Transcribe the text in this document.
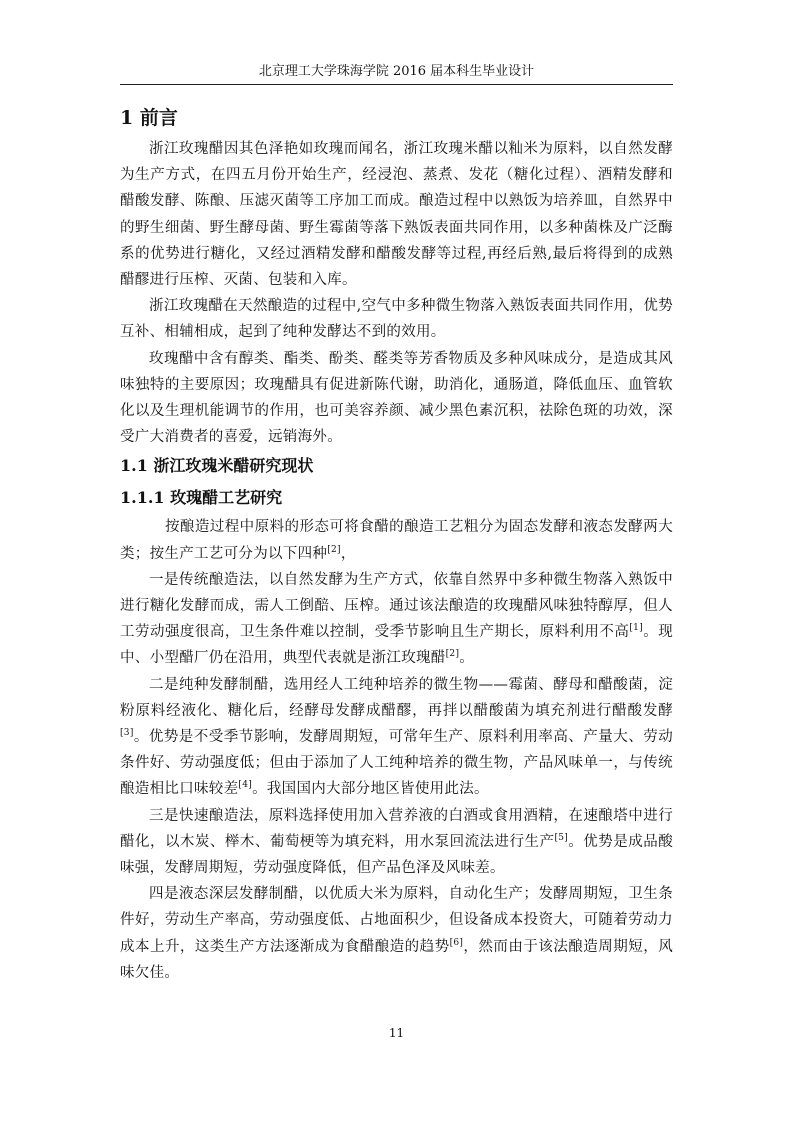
北京理工大学珠海学院 2016 届本科生毕业设计
1 前言

浙江玫瑰醋因其色泽艳如玫瑰而闻名，浙江玫瑰米醋以籼米为原料，以自然发酵为生产方式，在四五月份开始生产，经浸泡、蒸煮、发花（糖化过程）、酒精发酵和醋酸发酵、陈酿、压滤灭菌等工序加工而成。酿造过程中以熟饭为培养皿，自然界中的野生细菌、野生酵母菌、野生霉菌等落下熟饭表面共同作用，以多种菌株及广泛酶系的优势进行糖化，又经过酒精发酵和醋酸发酵等过程,再经后熟,最后将得到的成熟醋醪进行压榨、灭菌、包装和入库。

浙江玫瑰醋在天然酿造的过程中,空气中多种微生物落入熟饭表面共同作用，优势互补、相辅相成，起到了纯种发酵达不到的效用。

玫瑰醋中含有醇类、酯类、酚类、醛类等芳香物质及多种风味成分，是造成其风味独特的主要原因；玫瑰醋具有促进新陈代谢，助消化，通肠道，降低血压、血管软化以及生理机能调节的作用，也可美容养颜、减少黑色素沉积，祛除色斑的功效，深受广大消费者的喜爱，远销海外。

1.1 浙江玫瑰米醋研究现状
1.1.1 玫瑰醋工艺研究

按酿造过程中原料的形态可将食醋的酿造工艺粗分为固态发酵和液态发酵两大类；按生产工艺可分为以下四种[2]，

一是传统酿造法，以自然发酵为生产方式，依靠自然界中多种微生物落入熟饭中进行糖化发酵而成，需人工倒醅、压榨。通过该法酿造的玫瑰醋风味独特醇厚，但人工劳动强度很高，卫生条件难以控制，受季节影响且生产期长，原料利用不高[1]。现中、小型醋厂仍在沿用，典型代表就是浙江玫瑰醋[2]。

二是纯种发酵制醋，选用经人工纯种培养的微生物——霉菌、酵母和醋酸菌，淀粉原料经液化、糖化后，经酵母发酵成醋醪，再拌以醋酸菌为填充剂进行醋酸发酵[3]。优势是不受季节影响，发酵周期短，可常年生产、原料利用率高、产量大、劳动条件好、劳动强度低；但由于添加了人工纯种培养的微生物，产品风味单一，与传统酿造相比口味较差[4]。我国国内大部分地区皆使用此法。

三是快速酿造法，原料选择使用加入营养液的白酒或食用酒精，在速酿塔中进行醋化，以木炭、榉木、葡萄梗等为填充料，用水泵回流法进行生产[5]。优势是成品酸味强，发酵周期短，劳动强度降低，但产品色泽及风味差。

四是液态深层发酵制醋，以优质大米为原料，自动化生产；发酵周期短，卫生条件好，劳动生产率高，劳动强度低、占地面积少，但设备成本投资大，可随着劳动力成本上升，这类生产方法逐渐成为食醋酿造的趋势[6]，然而由于该法酿造周期短，风味欠佳。

11
